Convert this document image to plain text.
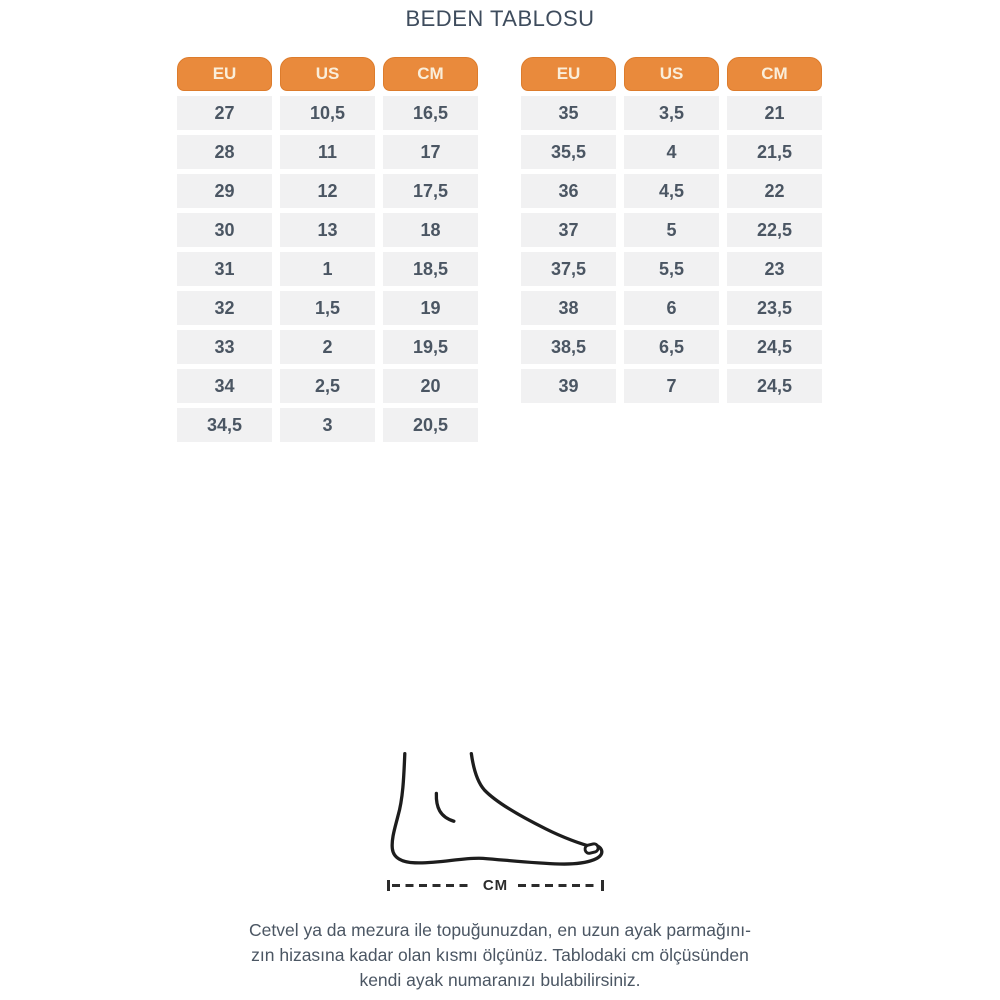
BEDEN TABLOSU
EU	US	CM
27	10,5	16,5
28	11	17
29	12	17,5
30	13	18
31	1	18,5
32	1,5	19
33	2	19,5
34	2,5	20
34,5	3	20,5
EU	US	CM
35	3,5	21
35,5	4	21,5
36	4,5	22
37	5	22,5
37,5	5,5	23
38	6	23,5
38,5	6,5	24,5
39	7	24,5
CM
Cetvel ya da mezura ile topuğunuzdan, en uzun ayak parmağını-
zın hizasına kadar olan kısmı ölçünüz. Tablodaki cm ölçüsünden
kendi ayak numaranızı bulabilirsiniz.
